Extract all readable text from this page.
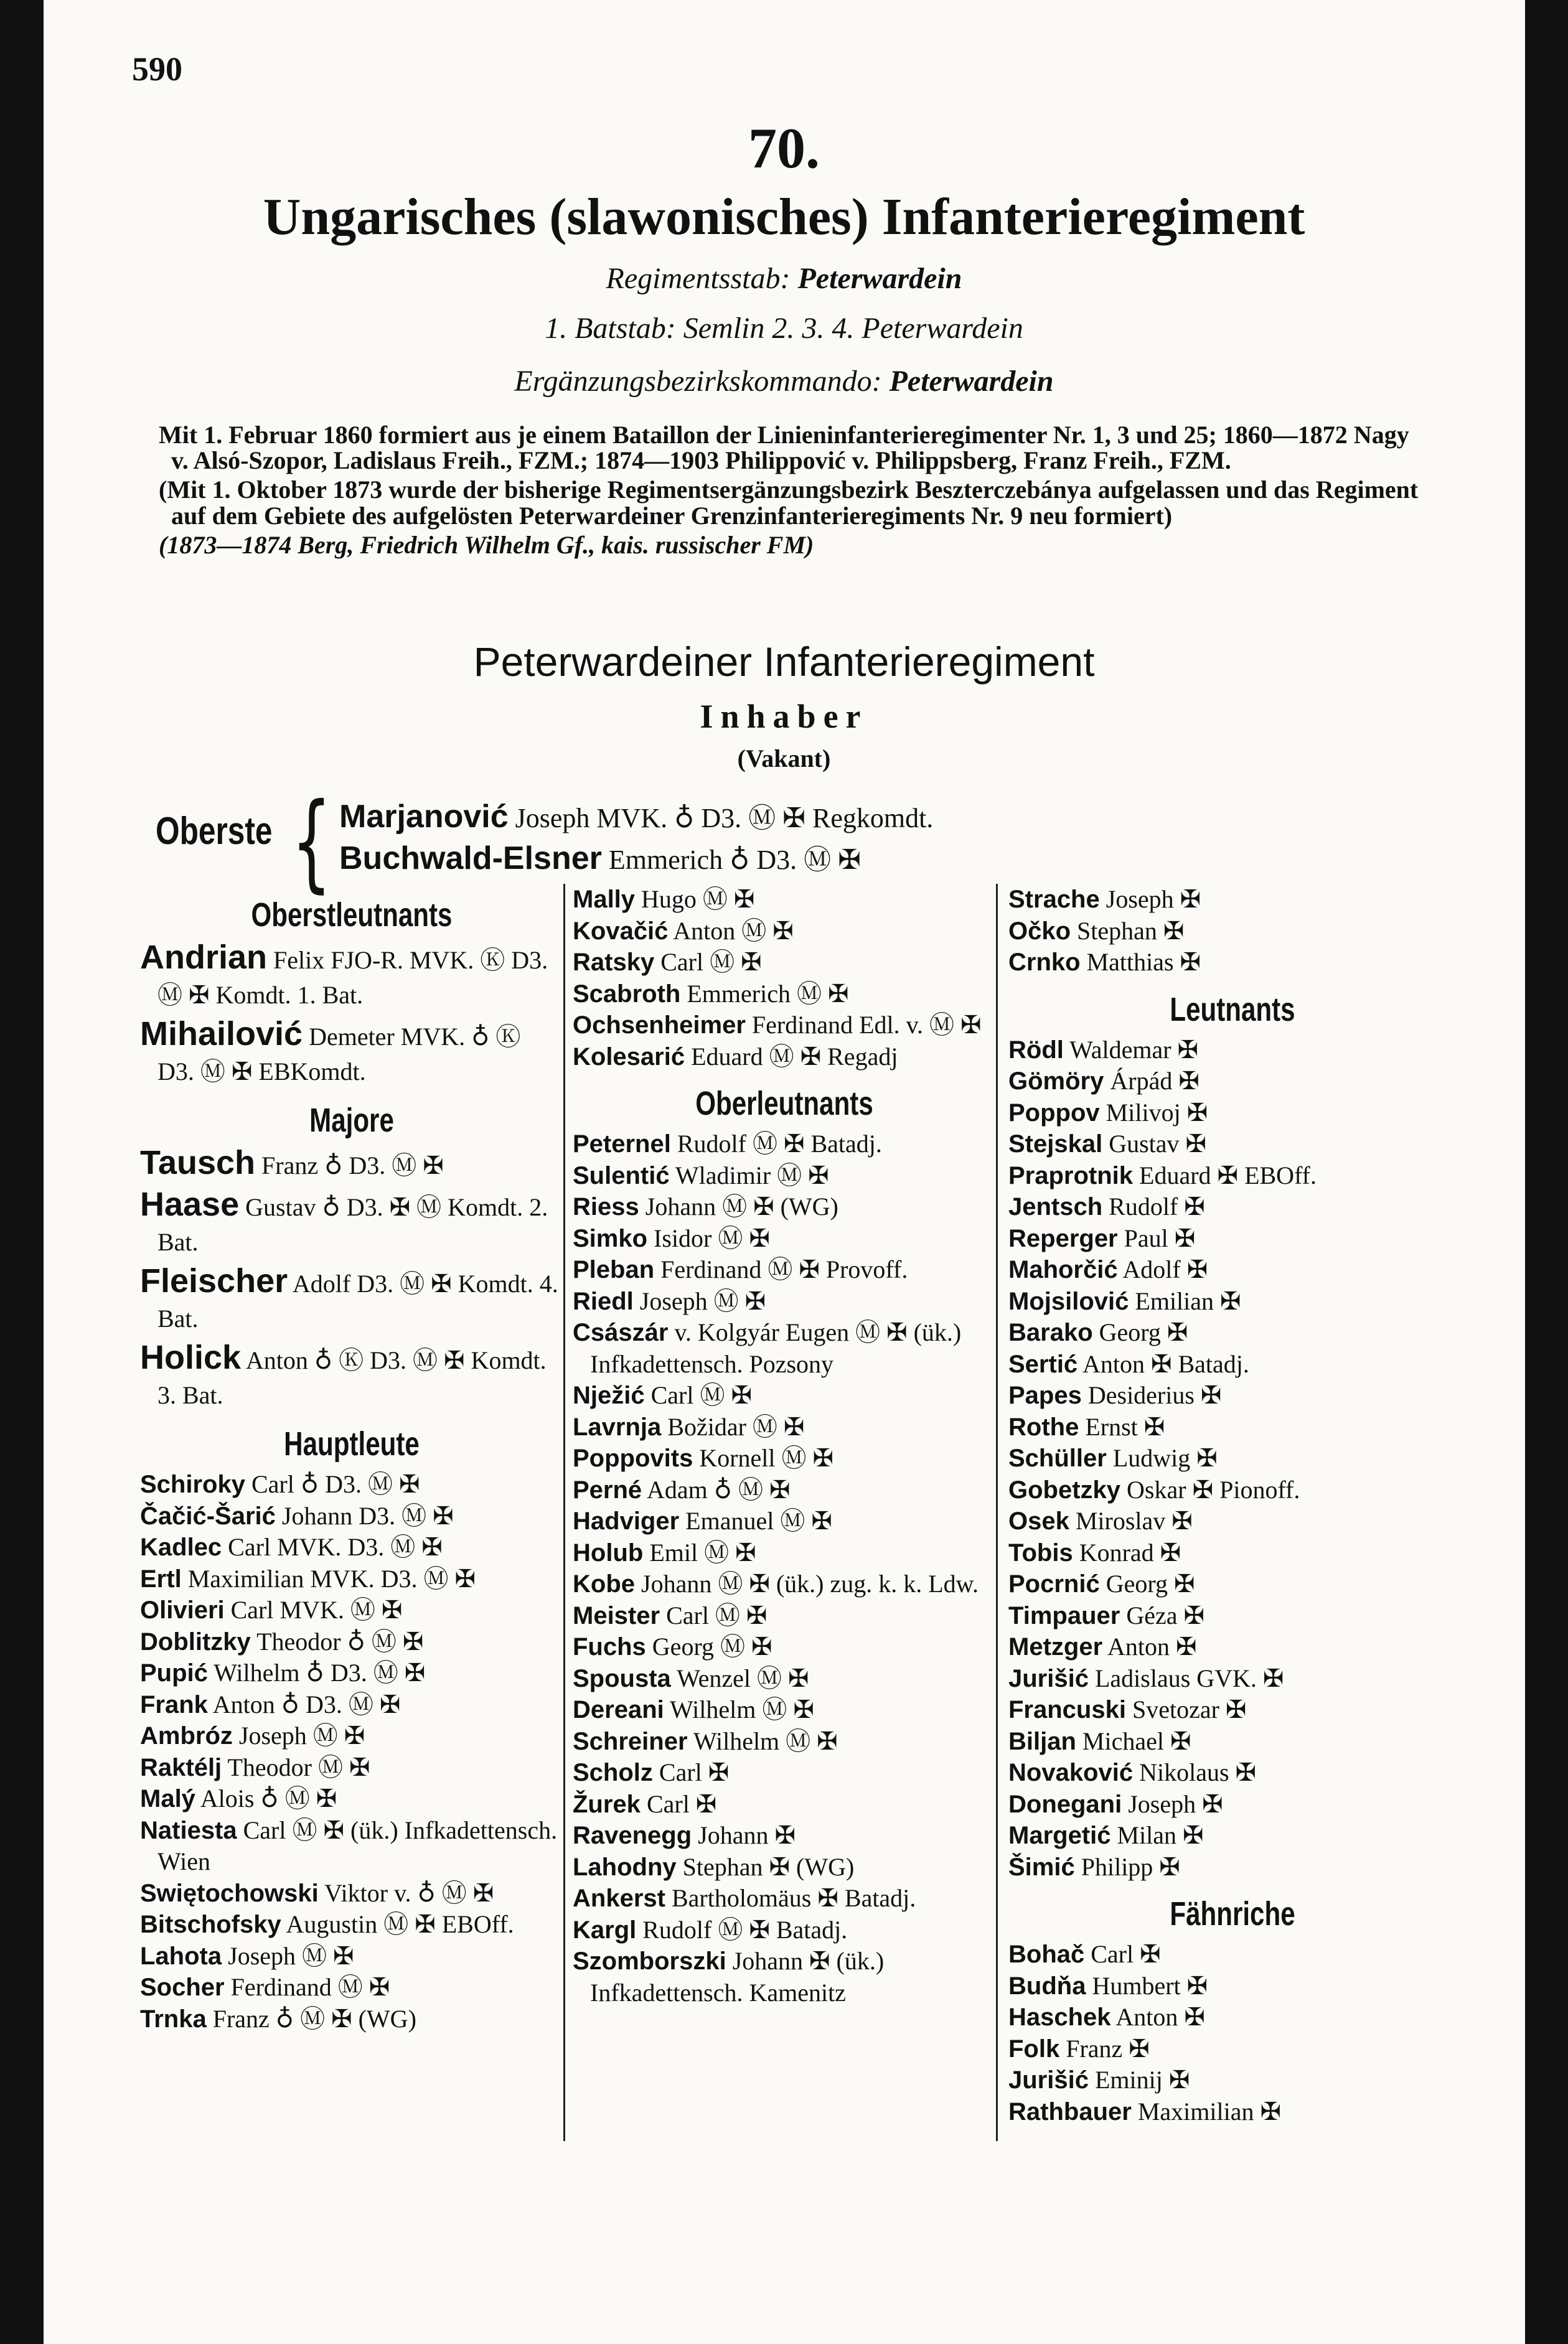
590
70.
Ungarisches (slawonisches) Infanterieregiment
Regimentsstab: Peterwardein
1. Batstab: Semlin 2. 3. 4. Peterwardein
Ergänzungsbezirkskommando: Peterwardein

Mit 1. Februar 1860 formiert aus je einem Bataillon der Linieninfanterieregimenter Nr. 1, 3 und 25; 1860—1872 Nagy v. Alsó-Szopor, Ladislaus Freih., FZM.; 1874—1903 Philippović v. Philippsberg, Franz Freih., FZM.

(Mit 1. Oktober 1873 wurde der bisherige Regimentsergänzungsbezirk Beszterczebánya aufgelassen und das Regiment auf dem Gebiete des aufgelösten Peterwardeiner Grenzinfanterieregiments Nr. 9 neu formiert)

(1873—1874 Berg, Friedrich Wilhelm Gf., kais. russischer FM)

Peterwardeiner Infanterieregiment
Inhaber
(Vakant)
Oberste { Marjanović Joseph MVK. ♁ D3. Ⓜ ✠ Regkomdt.
Buchwald-Elsner Emmerich ♁ D3. Ⓜ ✠
Oberstleutnants
Andrian Felix FJO-R. MVK. Ⓚ D3. Ⓜ ✠ Komdt. 1. Bat.
Mihailović Demeter MVK. ♁ Ⓚ D3. Ⓜ ✠ EBKomdt.
Majore
Tausch Franz ♁ D3. Ⓜ ✠
Haase Gustav ♁ D3. ✠ Ⓜ Komdt. 2. Bat.
Fleischer Adolf D3. Ⓜ ✠ Komdt. 4. Bat.
Holick Anton ♁ Ⓚ D3. Ⓜ ✠ Komdt. 3. Bat.
Hauptleute
Schiroky Carl ♁ D3. Ⓜ ✠
Čačić-Šarić Johann D3. Ⓜ ✠
Kadlec Carl MVK. D3. Ⓜ ✠
Ertl Maximilian MVK. D3. Ⓜ ✠
Olivieri Carl MVK. Ⓜ ✠
Doblitzky Theodor ♁ Ⓜ ✠
Pupić Wilhelm ♁ D3. Ⓜ ✠
Frank Anton ♁ D3. Ⓜ ✠
Ambróz Joseph Ⓜ ✠
Raktélj Theodor Ⓜ ✠
Malý Alois ♁ Ⓜ ✠
Natiesta Carl Ⓜ ✠ (ük.) Infkadettensch. Wien
Swiętochowski Viktor v. ♁ Ⓜ ✠
Bitschofsky Augustin Ⓜ ✠ EBOff.
Lahota Joseph Ⓜ ✠
Socher Ferdinand Ⓜ ✠
Trnka Franz ♁ Ⓜ ✠ (WG)
Mally Hugo Ⓜ ✠
Kovačić Anton Ⓜ ✠
Ratsky Carl Ⓜ ✠
Scabroth Emmerich Ⓜ ✠
Ochsenheimer Ferdinand Edl. v. Ⓜ ✠
Kolesarić Eduard Ⓜ ✠ Regadj
Oberleutnants
Peternel Rudolf Ⓜ ✠ Batadj.
Sulentić Wladimir Ⓜ ✠
Riess Johann Ⓜ ✠ (WG)
Simko Isidor Ⓜ ✠
Pleban Ferdinand Ⓜ ✠ Provoff.
Riedl Joseph Ⓜ ✠
Császár v. Kolgyár Eugen Ⓜ ✠ (ük.) Infkadettensch. Pozsony
Nježić Carl Ⓜ ✠
Lavrnja Božidar Ⓜ ✠
Poppovits Kornell Ⓜ ✠
Perné Adam ♁ Ⓜ ✠
Hadviger Emanuel Ⓜ ✠
Holub Emil Ⓜ ✠
Kobe Johann Ⓜ ✠ (ük.) zug. k. k. Ldw.
Meister Carl Ⓜ ✠
Fuchs Georg Ⓜ ✠
Spousta Wenzel Ⓜ ✠
Dereani Wilhelm Ⓜ ✠
Schreiner Wilhelm Ⓜ ✠
Scholz Carl ✠
Žurek Carl ✠
Ravenegg Johann ✠
Lahodny Stephan ✠ (WG)
Ankerst Bartholomäus ✠ Batadj.
Kargl Rudolf Ⓜ ✠ Batadj.
Szomborszki Johann ✠ (ük.) Infkadettensch. Kamenitz
Strache Joseph ✠
Očko Stephan ✠
Crnko Matthias ✠
Leutnants
Rödl Waldemar ✠
Gömöry Árpád ✠
Poppov Milivoj ✠
Stejskal Gustav ✠
Praprotnik Eduard ✠ EBOff.
Jentsch Rudolf ✠
Reperger Paul ✠
Mahorčić Adolf ✠
Mojsilović Emilian ✠
Barako Georg ✠
Sertić Anton ✠ Batadj.
Papes Desiderius ✠
Rothe Ernst ✠
Schüller Ludwig ✠
Gobetzky Oskar ✠ Pionoff.
Osek Miroslav ✠
Tobis Konrad ✠
Pocrnić Georg ✠
Timpauer Géza ✠
Metzger Anton ✠
Jurišić Ladislaus GVK. ✠
Francuski Svetozar ✠
Biljan Michael ✠
Novaković Nikolaus ✠
Donegani Joseph ✠
Margetić Milan ✠
Šimić Philipp ✠
Fähnriche
Bohač Carl ✠
Budňa Humbert ✠
Haschek Anton ✠
Folk Franz ✠
Jurišić Eminij ✠
Rathbauer Maximilian ✠
